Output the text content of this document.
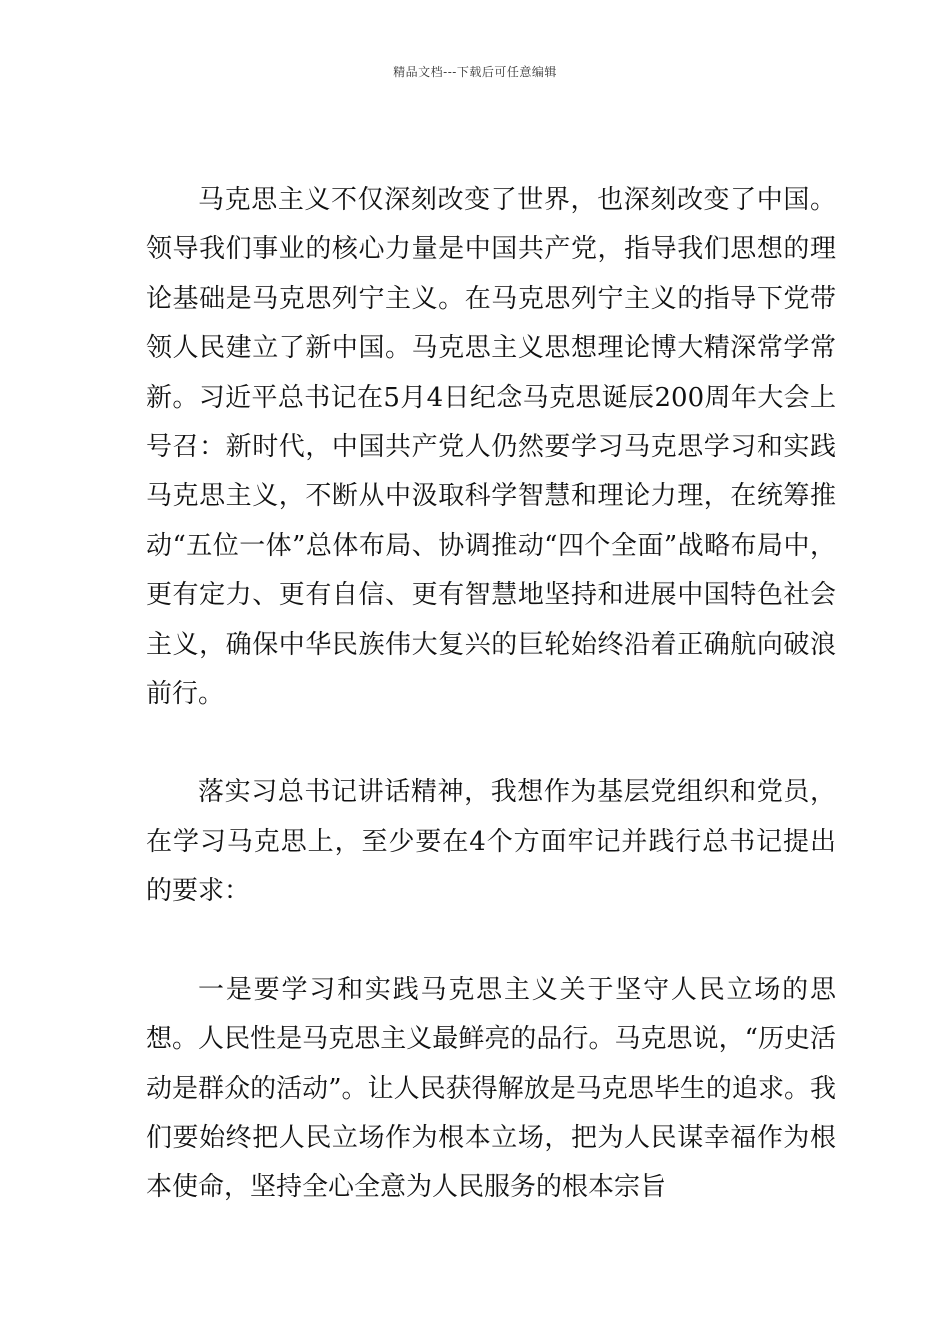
精品文档---下载后可任意编辑

马克思主义不仅深刻改变了世界，也深刻改变了中国。领导我们事业的核心力量是中国共产党，指导我们思想的理论基础是马克思列宁主义。在马克思列宁主义的指导下党带领人民建立了新中国。马克思主义思想理论博大精深常学常新。习近平总书记在5月4日纪念马克思诞辰200周年大会上号召：新时代，中国共产党人仍然要学习马克思学习和实践马克思主义，不断从中汲取科学智慧和理论力理，在统筹推动“五位一体”总体布局、协调推动“四个全面”战略布局中，更有定力、更有自信、更有智慧地坚持和进展中国特色社会主义，确保中华民族伟大复兴的巨轮始终沿着正确航向破浪前行。

落实习总书记讲话精神，我想作为基层党组织和党员，在学习马克思上，至少要在4个方面牢记并践行总书记提出的要求：

一是要学习和实践马克思主义关于坚守人民立场的思想。人民性是马克思主义最鲜亮的品行。马克思说，“历史活动是群众的活动”。让人民获得解放是马克思毕生的追求。我们要始终把人民立场作为根本立场，把为人民谋幸福作为根本使命，坚持全心全意为人民服务的根本宗旨
